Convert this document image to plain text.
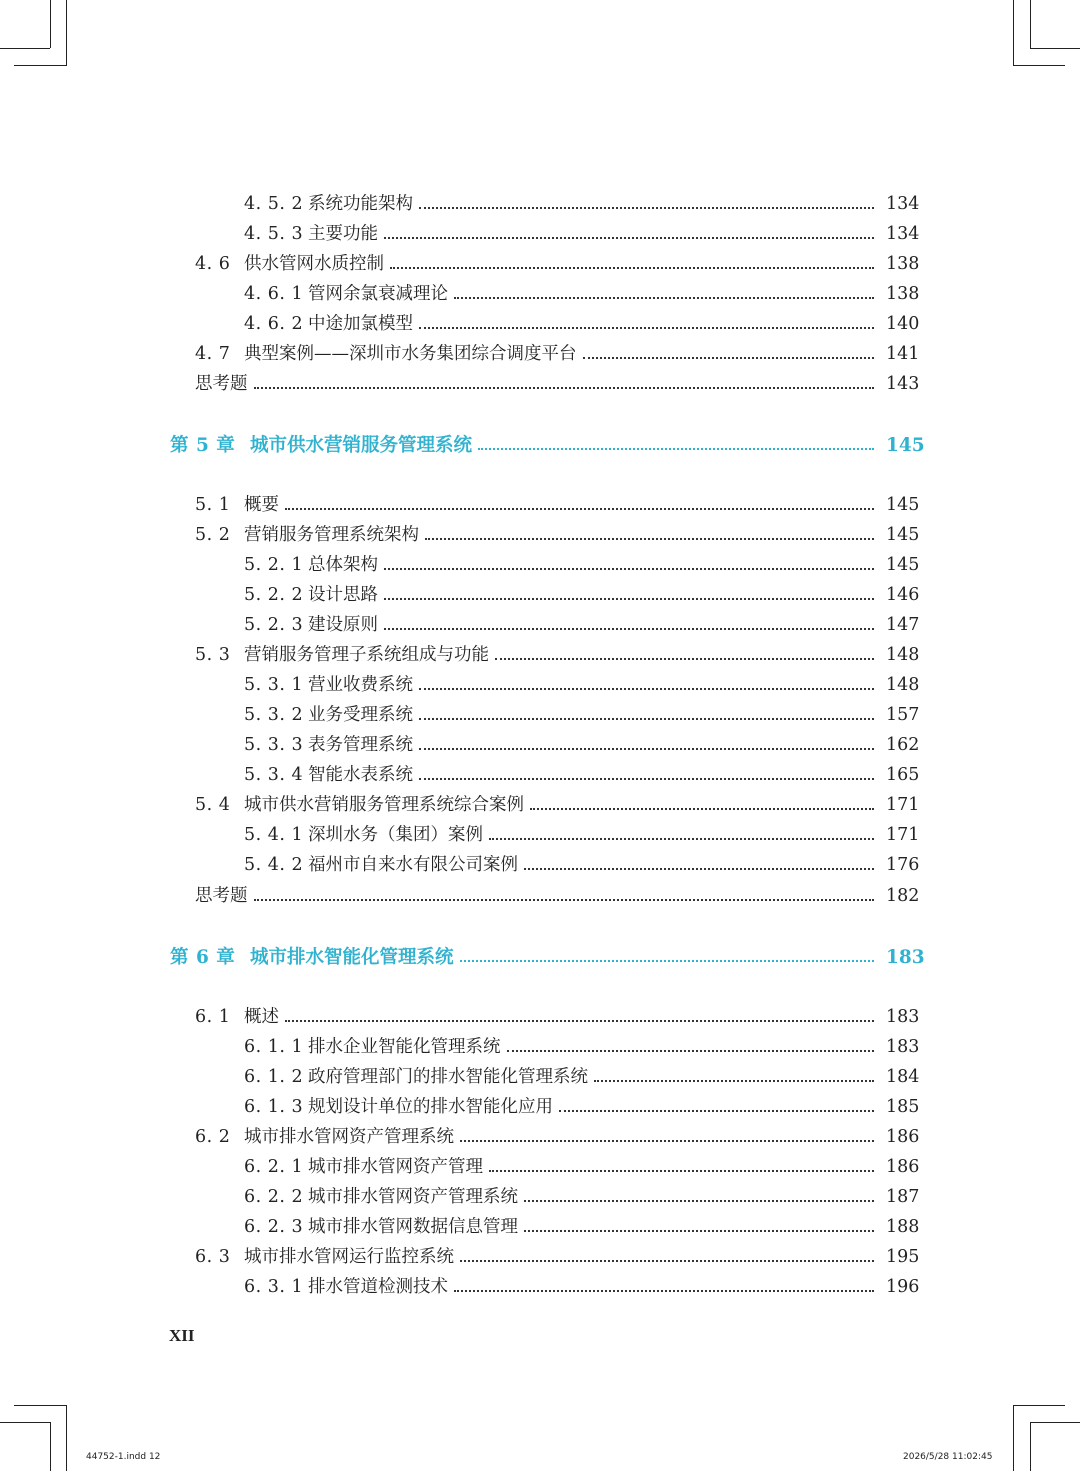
4. 5. 2 系统功能架构	134
4. 5. 3 主要功能	134
4. 6 供水管网水质控制	138
4. 6. 1 管网余氯衰减理论	138
4. 6. 2 中途加氯模型	140
4. 7 典型案例——深圳市水务集团综合调度平台	141
思考题	143
第 5 章 城市供水营销服务管理系统	145
5. 1 概要	145
5. 2 营销服务管理系统架构	145
5. 2. 1 总体架构	145
5. 2. 2 设计思路	146
5. 2. 3 建设原则	147
5. 3 营销服务管理子系统组成与功能	148
5. 3. 1 营业收费系统	148
5. 3. 2 业务受理系统	157
5. 3. 3 表务管理系统	162
5. 3. 4 智能水表系统	165
5. 4 城市供水营销服务管理系统综合案例	171
5. 4. 1 深圳水务（集团）案例	171
5. 4. 2 福州市自来水有限公司案例	176
思考题	182
第 6 章 城市排水智能化管理系统	183
6. 1 概述	183
6. 1. 1 排水企业智能化管理系统	183
6. 1. 2 政府管理部门的排水智能化管理系统	184
6. 1. 3 规划设计单位的排水智能化应用	185
6. 2 城市排水管网资产管理系统	186
6. 2. 1 城市排水管网资产管理	186
6. 2. 2 城市排水管网资产管理系统	187
6. 2. 3 城市排水管网数据信息管理	188
6. 3 城市排水管网运行监控系统	195
6. 3. 1 排水管道检测技术	196
XII
44752-1.indd 12	2026/5/28 11:02:45
